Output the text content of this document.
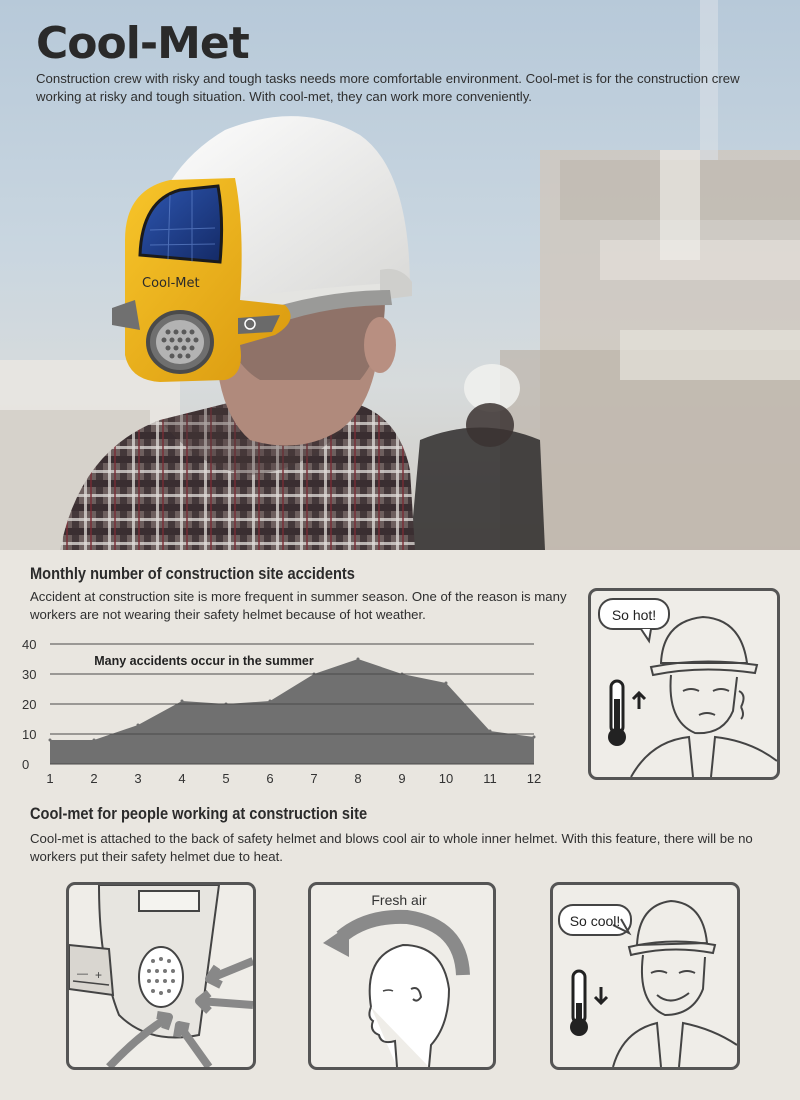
Cool-Met
Cool-Met
Construction crew with risky and tough tasks needs more comfortable environment. Cool-met is for the construction crew working at risky and tough situation. With cool-met, they can work more conveniently.
Monthly number of construction site accidents
Accident at construction site is more frequent in summer season. One of the reason is many workers are not wearing their safety helmet because of hot weather.
0
10
20
30
40
1	2	3	4	5	6	7	8	9	10 11 12
Many accidents occur in the summer
So hot!
Cool-met for people working at construction site
Cool-met is attached to the back of safety helmet and blows cool air to whole inner helmet. With this feature, there will be no workers put their safety helmet due to heat.
— +
Fresh air
So cool!
